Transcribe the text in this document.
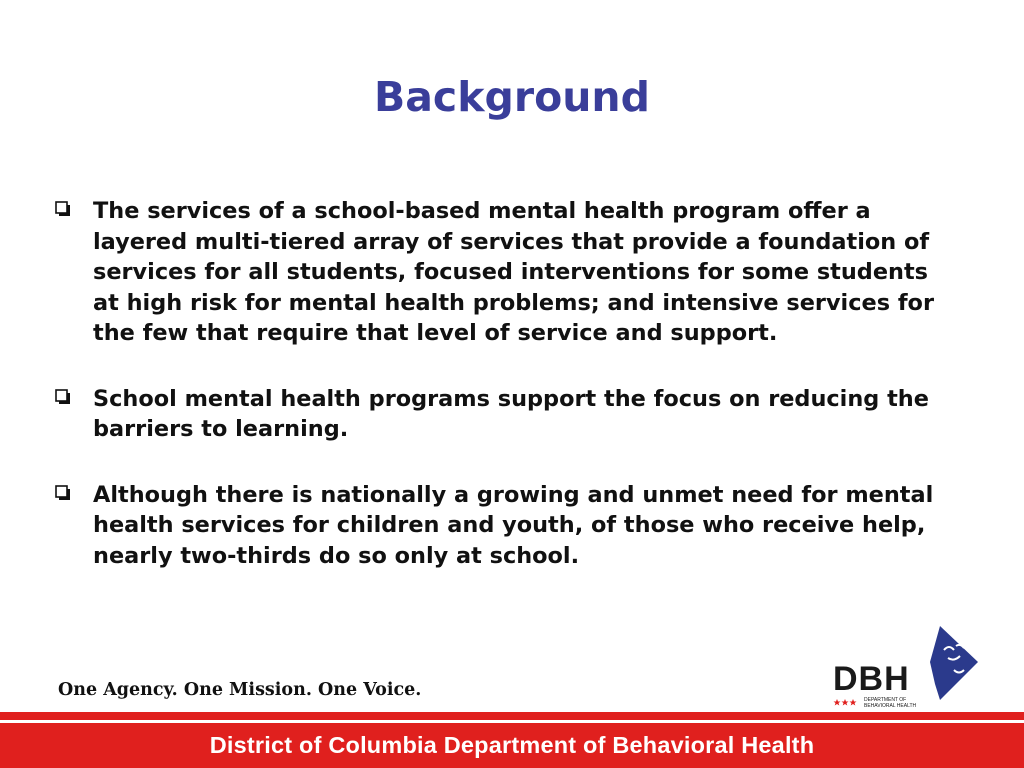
Background
The services of a school-based mental health program offer a layered multi-tiered array of services that provide a foundation of services for all students, focused interventions for some students at high risk for mental health problems; and intensive services for the few that require that level of service and support.
School mental health programs support the focus on reducing the barriers to learning.
Although there is nationally a growing and unmet need for mental health services for children and youth, of those who receive help, nearly two-thirds do so only at school.

One Agency. One Mission. One Voice.	DBH
DEPARTMENT OF
BEHAVIORAL HEALTH
District of Columbia Department of Behavioral Health
